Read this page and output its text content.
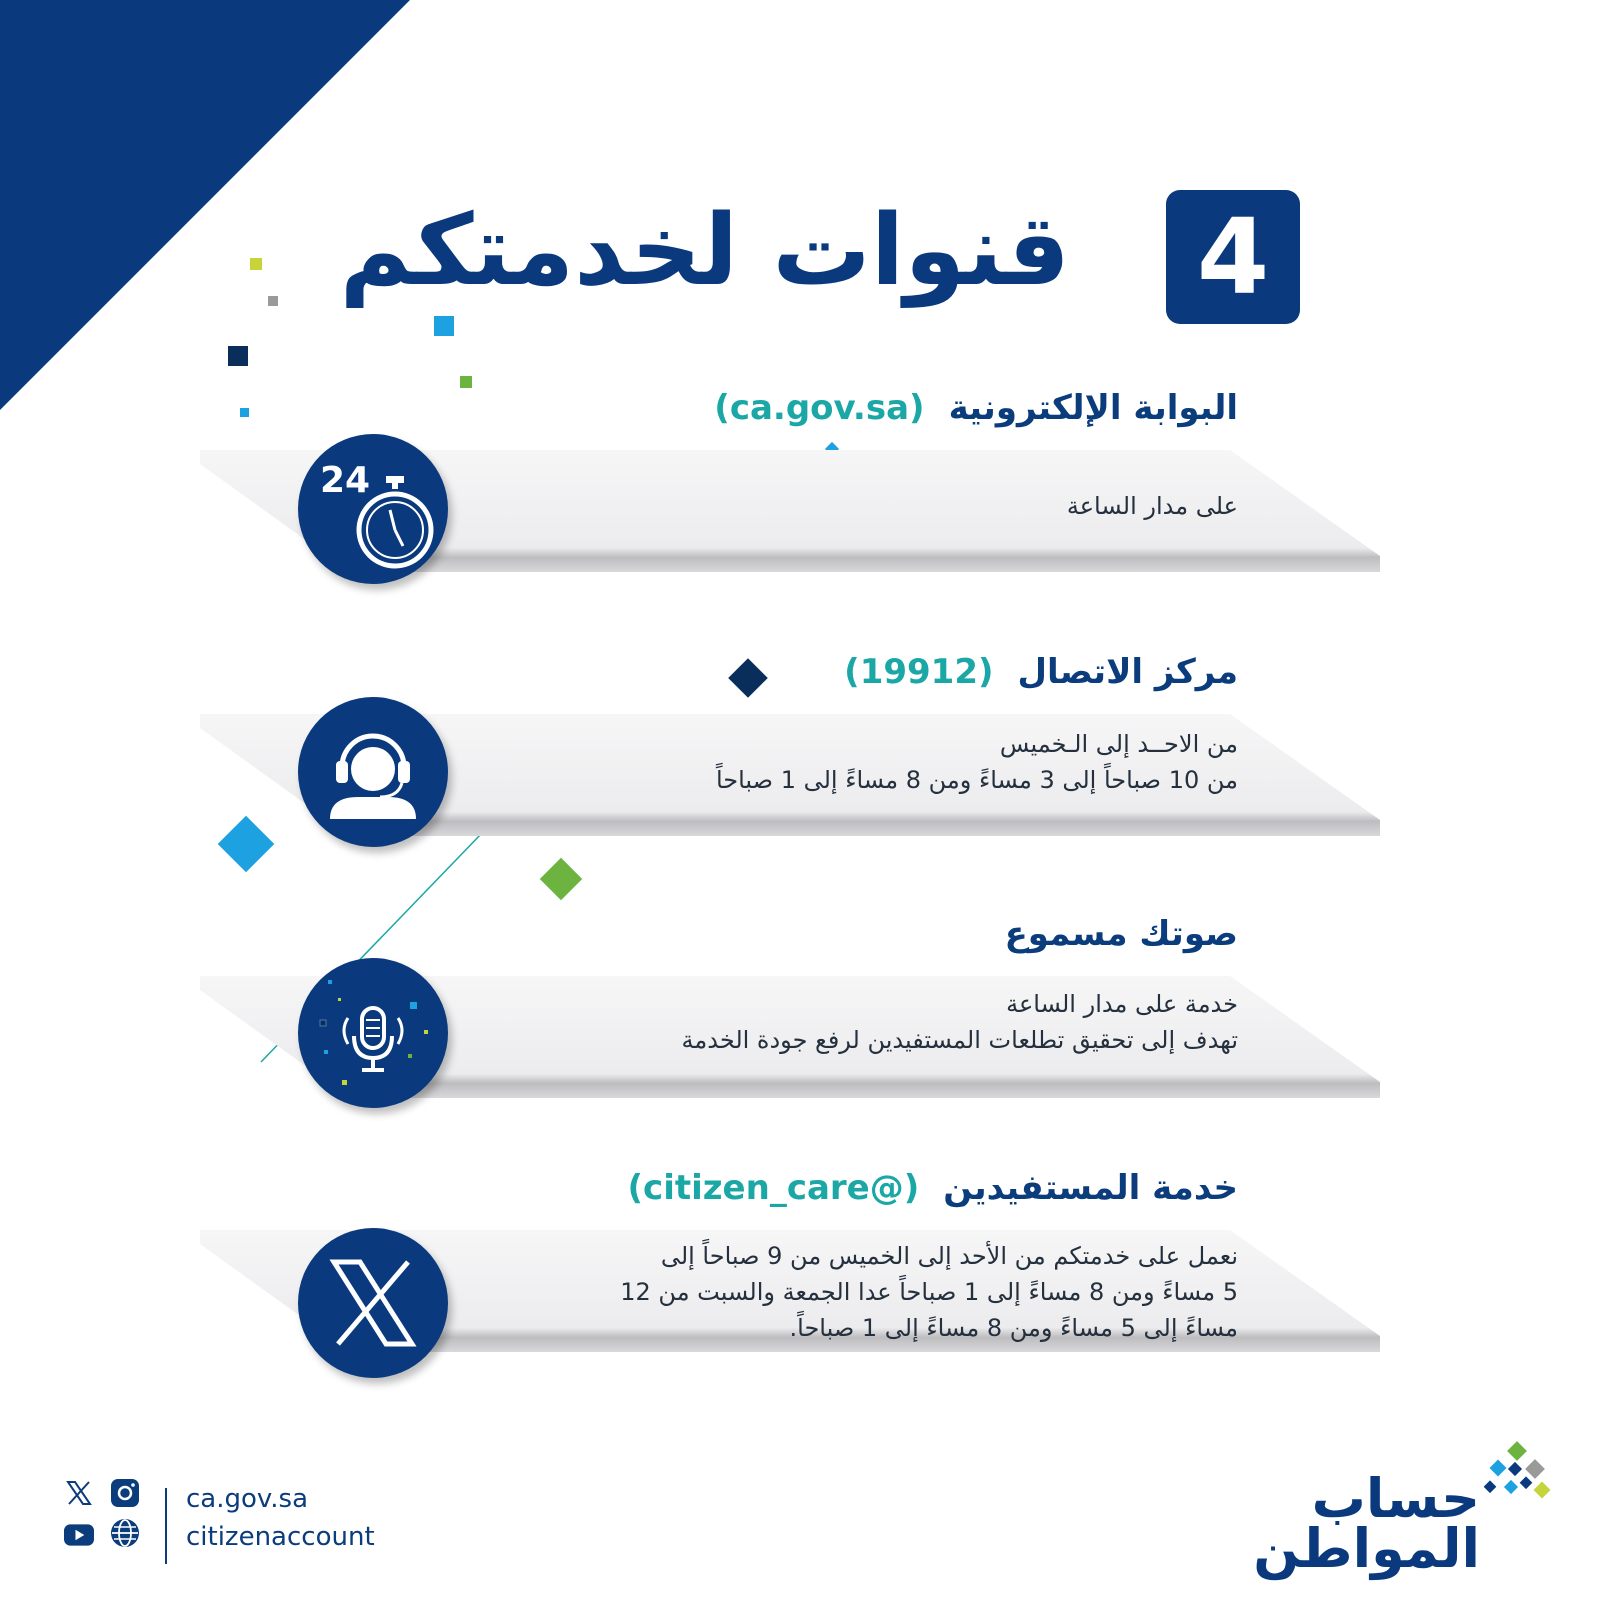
قنوات لخدمتكم 4
البوابة الإلكترونية(ca.gov.sa)
على مدار الساعة
24
مركز الاتصال(19912)
من الاحــد إلى الـخميس
من 10 صباحاً إلى 3 مساءً ومن 8 مساءً إلى 1 صباحاً
صوتك مسموع
خدمة على مدار الساعة
تهدف إلى تحقيق تطلعات المستفيدين لرفع جودة الخدمة
خدمة المستفيدين(@citizen_care)
نعمل على خدمتكم من الأحد إلى الخميس من 9 صباحاً إلى
5 مساءً ومن 8 مساءً إلى 1 صباحاً عدا الجمعة والسبت من 12
مساءً إلى 5 مساءً ومن 8 مساءً إلى 1 صباحاً.
ca.gov.sa
citizenaccount
حساب
المواطن
